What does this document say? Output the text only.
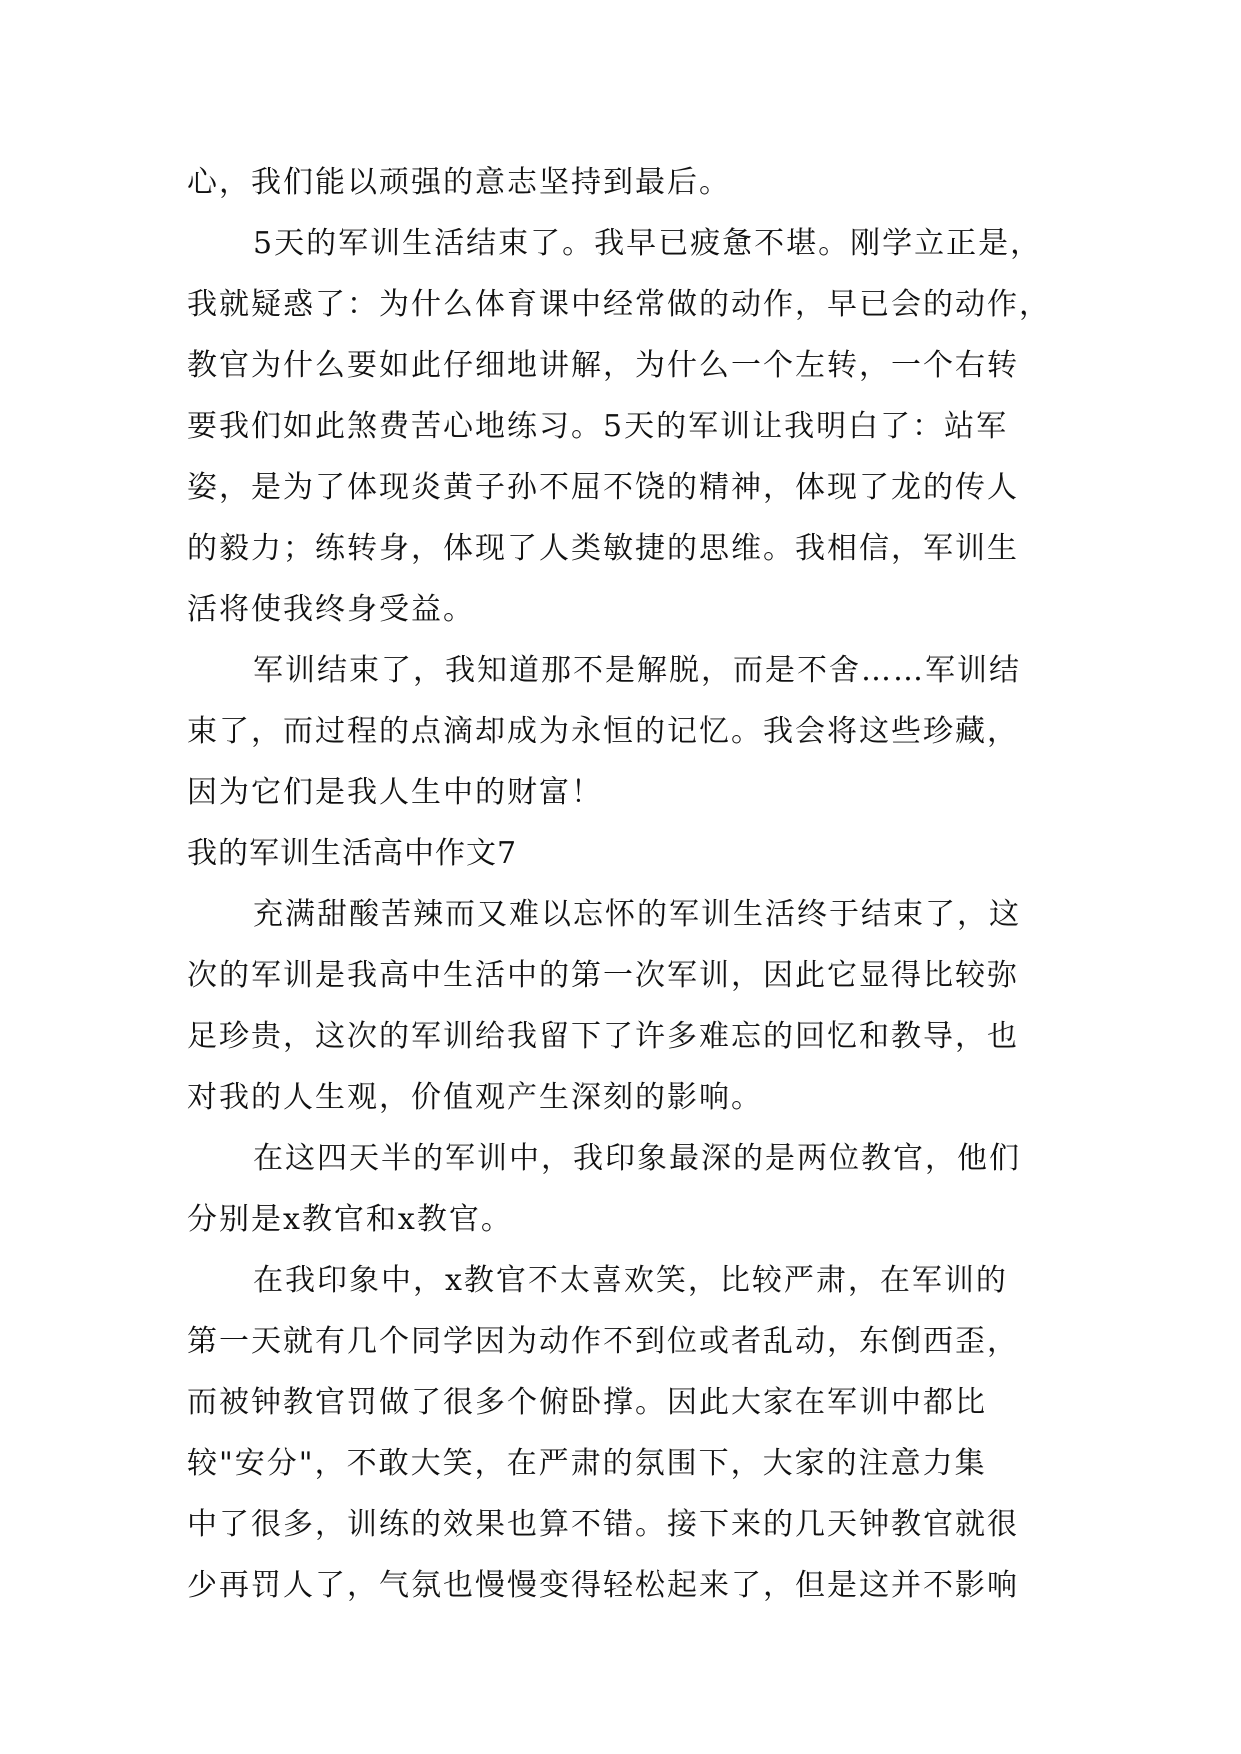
心，我们能以顽强的意志坚持到最后。
5天的军训生活结束了。我早已疲惫不堪。刚学立正是，
我就疑惑了：为什么体育课中经常做的动作，早已会的动作，
教官为什么要如此仔细地讲解，为什么一个左转，一个右转
要我们如此煞费苦心地练习。5天的军训让我明白了：站军
姿，是为了体现炎黄子孙不屈不饶的精神，体现了龙的传人
的毅力；练转身，体现了人类敏捷的思维。我相信，军训生
活将使我终身受益。
军训结束了，我知道那不是解脱，而是不舍……军训结
束了，而过程的点滴却成为永恒的记忆。我会将这些珍藏，
因为它们是我人生中的财富！
我的军训生活高中作文7
充满甜酸苦辣而又难以忘怀的军训生活终于结束了，这
次的军训是我高中生活中的第一次军训，因此它显得比较弥
足珍贵，这次的军训给我留下了许多难忘的回忆和教导，也
对我的人生观，价值观产生深刻的影响。
在这四天半的军训中，我印象最深的是两位教官，他们
分别是x教官和x教官。
在我印象中，x教官不太喜欢笑，比较严肃，在军训的
第一天就有几个同学因为动作不到位或者乱动，东倒西歪，
而被钟教官罚做了很多个俯卧撑。因此大家在军训中都比
较"安分"，不敢大笑，在严肃的氛围下，大家的注意力集
中了很多，训练的效果也算不错。接下来的几天钟教官就很
少再罚人了，气氛也慢慢变得轻松起来了，但是这并不影响
